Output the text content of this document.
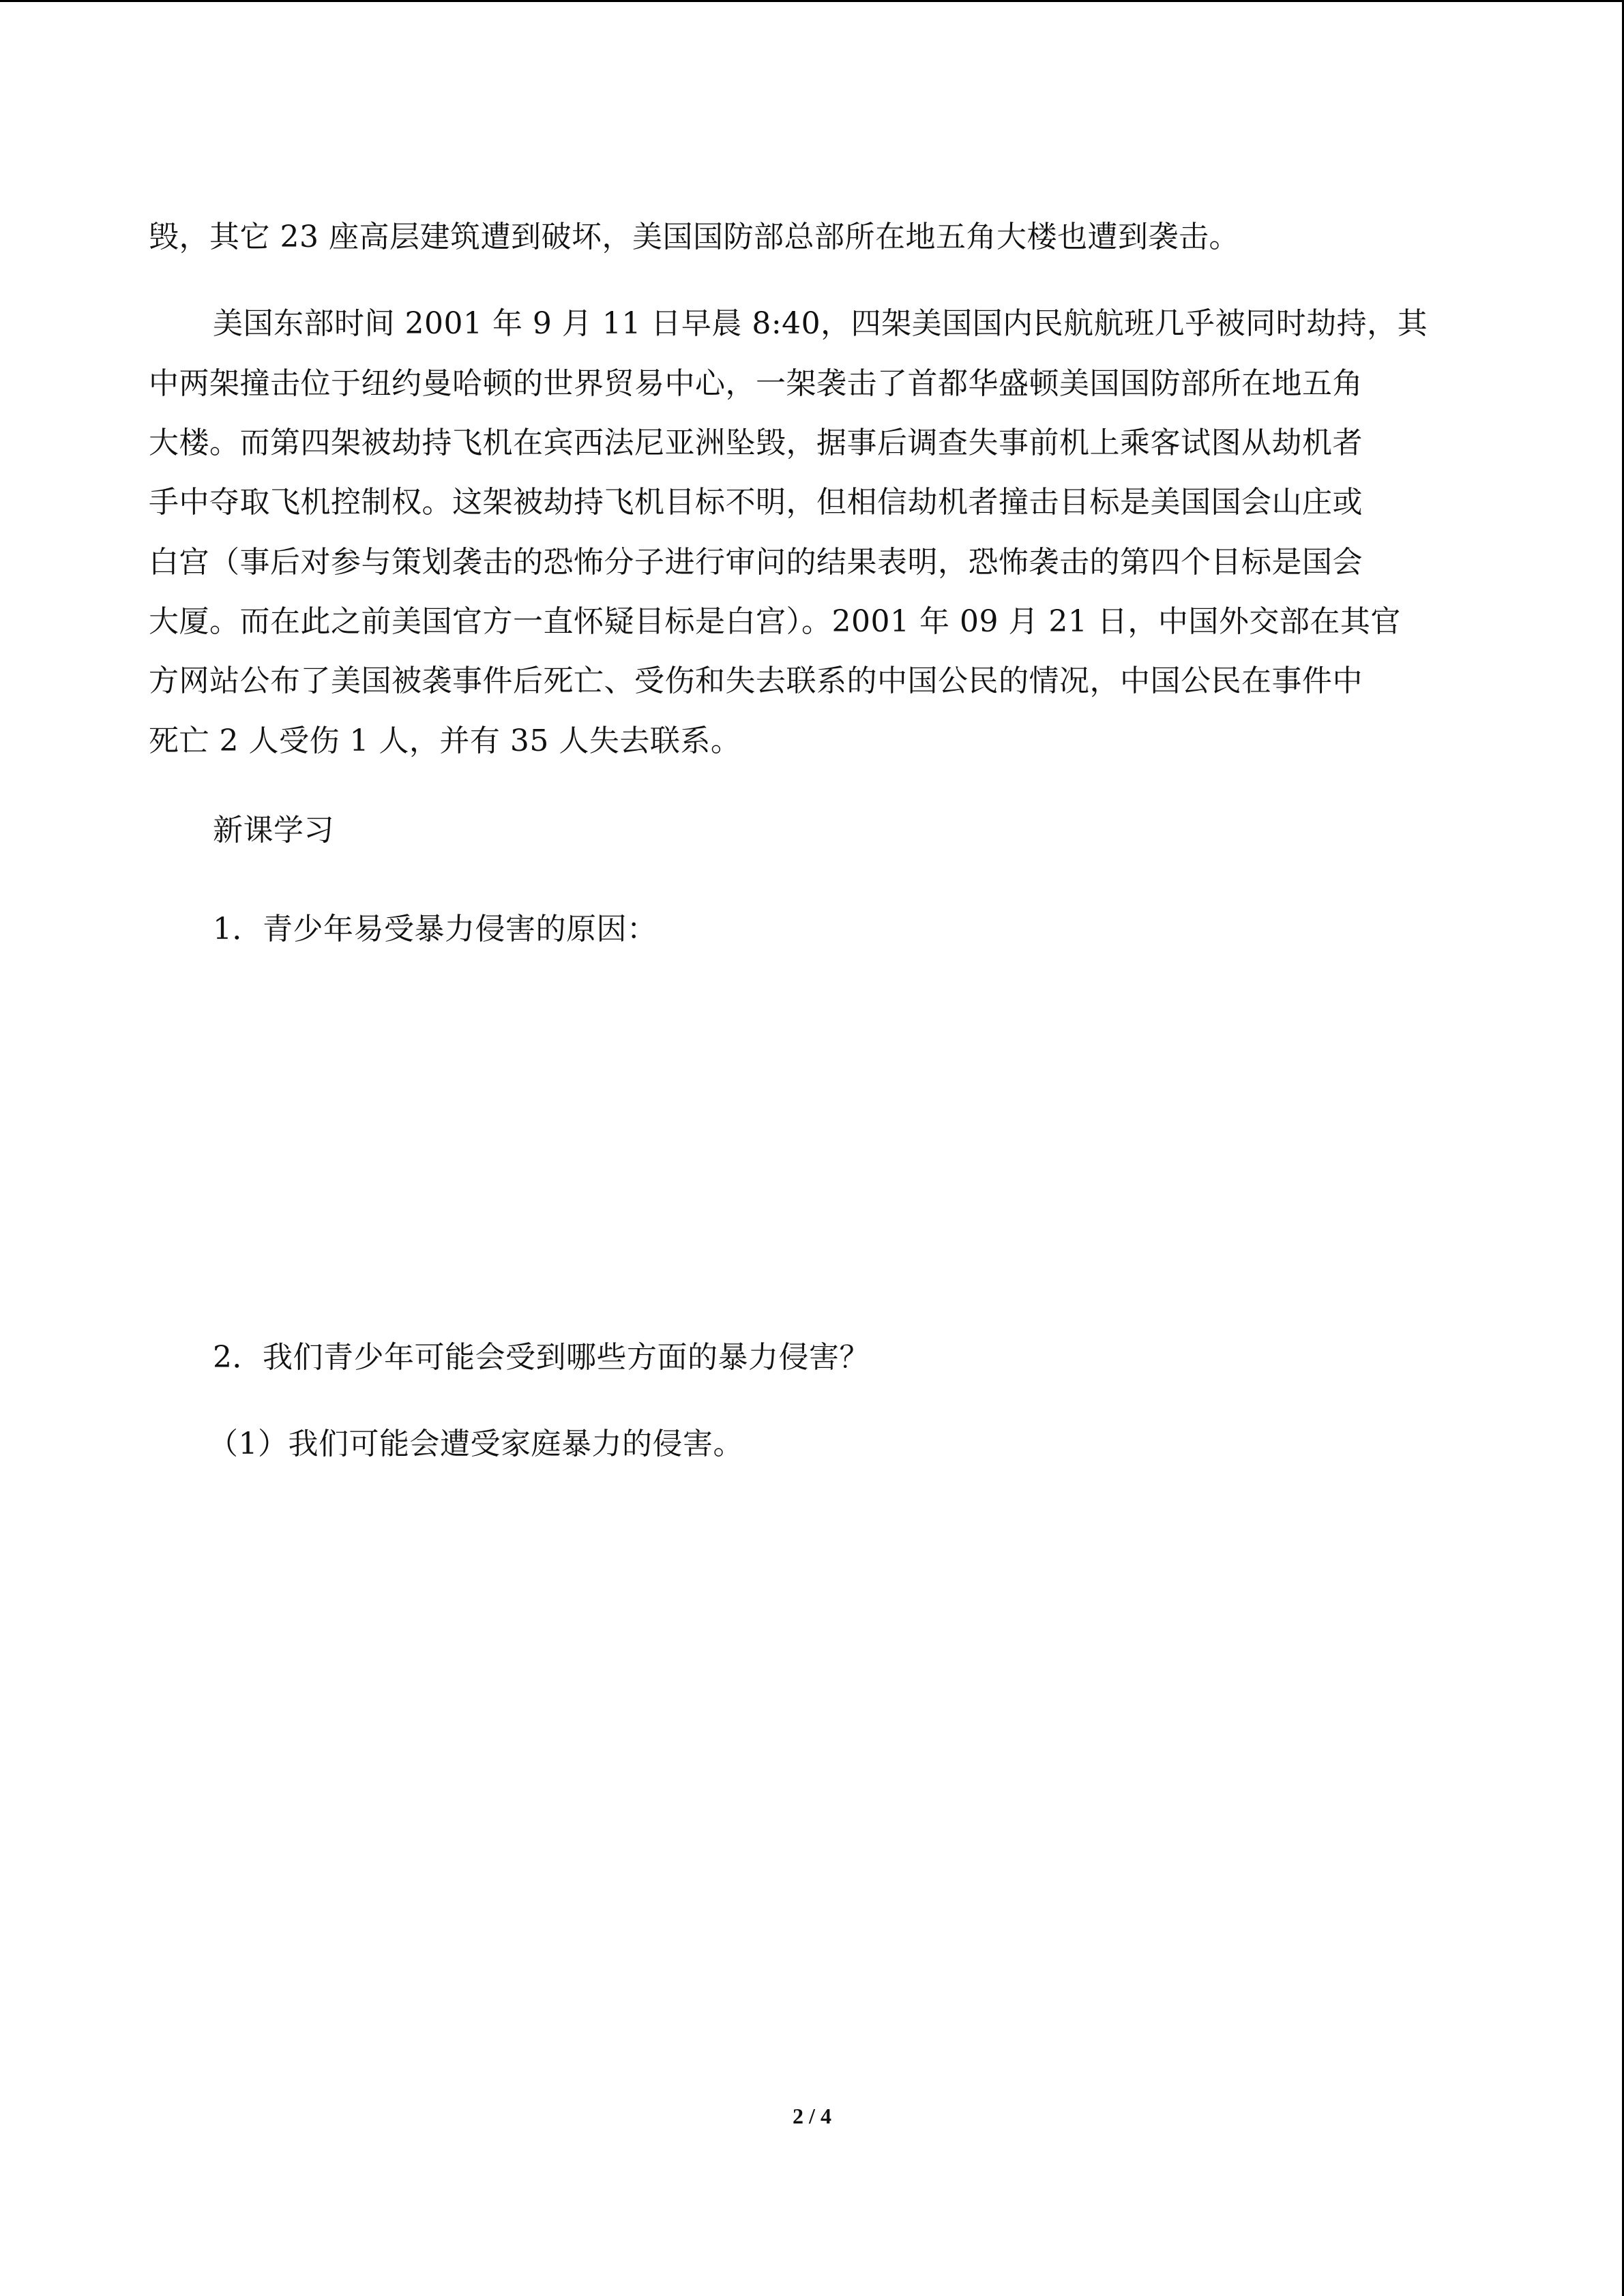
毁，其它 23 座高层建筑遭到破坏，美国国防部总部所在地五角大楼也遭到袭击。
美国东部时间 2001 年 9 月 11 日早晨 8:40，四架美国国内民航航班几乎被同时劫持，其
中两架撞击位于纽约曼哈顿的世界贸易中心，一架袭击了首都华盛顿美国国防部所在地五角
大楼。而第四架被劫持飞机在宾西法尼亚洲坠毁，据事后调查失事前机上乘客试图从劫机者
手中夺取飞机控制权。这架被劫持飞机目标不明，但相信劫机者撞击目标是美国国会山庄或
白宫（事后对参与策划袭击的恐怖分子进行审问的结果表明，恐怖袭击的第四个目标是国会
大厦。而在此之前美国官方一直怀疑目标是白宫）。2001 年 09 月 21 日，中国外交部在其官
方网站公布了美国被袭事件后死亡、受伤和失去联系的中国公民的情况，中国公民在事件中
死亡 2 人受伤 1 人，并有 35 人失去联系。
新课学习
1．青少年易受暴力侵害的原因：
2．我们青少年可能会受到哪些方面的暴力侵害？
（1）我们可能会遭受家庭暴力的侵害。
2 / 4
